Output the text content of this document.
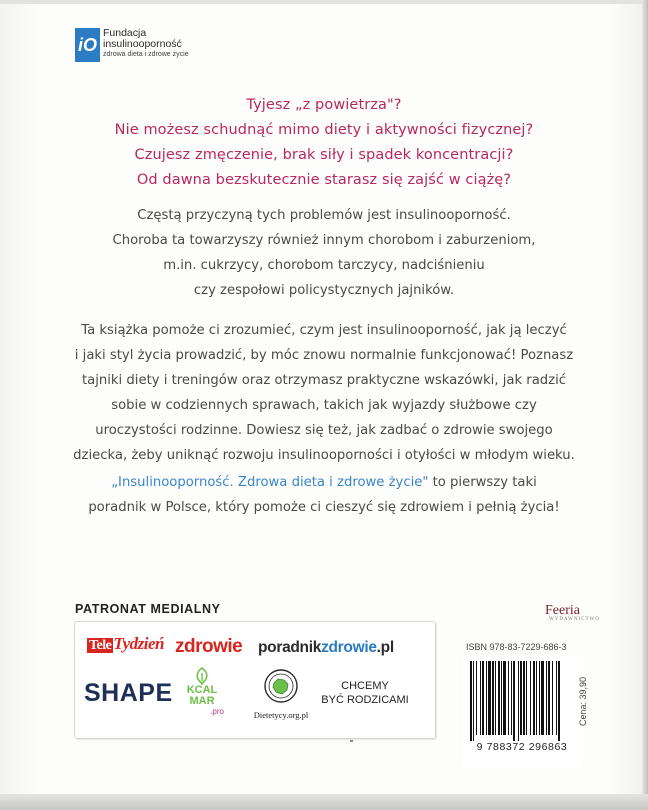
iO
Fundacja
insulinooporność
zdrowa dieta i zdrowe życie
Tyjesz „z powietrza"?
Nie możesz schudnąć mimo diety i aktywności fizycznej?
Czujesz zmęczenie, brak siły i spadek koncentracji?
Od dawna bezskutecznie starasz się zajść w ciążę?
Częstą przyczyną tych problemów jest insulinooporność.
Choroba ta towarzyszy również innym chorobom i zaburzeniom,
m.in. cukrzycy, chorobom tarczycy, nadciśnieniu
czy zespołowi policystycznych jajników.
Ta książka pomoże ci zrozumieć, czym jest insulinooporność, jak ją leczyć
i jaki styl życia prowadzić, by móc znowu normalnie funkcjonować! Poznasz
tajniki diety i treningów oraz otrzymasz praktyczne wskazówki, jak radzić
sobie w codziennych sprawach, takich jak wyjazdy służbowe czy
uroczystości rodzinne. Dowiesz się też, jak zadbać o zdrowie swojego
dziecka, żeby uniknąć rozwoju insulinooporności i otyłości w młodym wieku.
„Insulinooporność. Zdrowa dieta i zdrowe życie" to pierwszy taki
poradnik w Polsce, który pomoże ci cieszyć się zdrowiem i pełnią życia!
PATRONAT MEDIALNY	Feeria
WYDAWNICTWO
Tele Tydzień zdrowie poradnikzdrowie.pl
SHAPE	KCAL
MAR
.pro	Dietetycy.org.pl
CHCEMY
BYĆ RODZICAMI
ISBN 978-83-7229-686-3
9 788372 296863
Cena: 39,90
